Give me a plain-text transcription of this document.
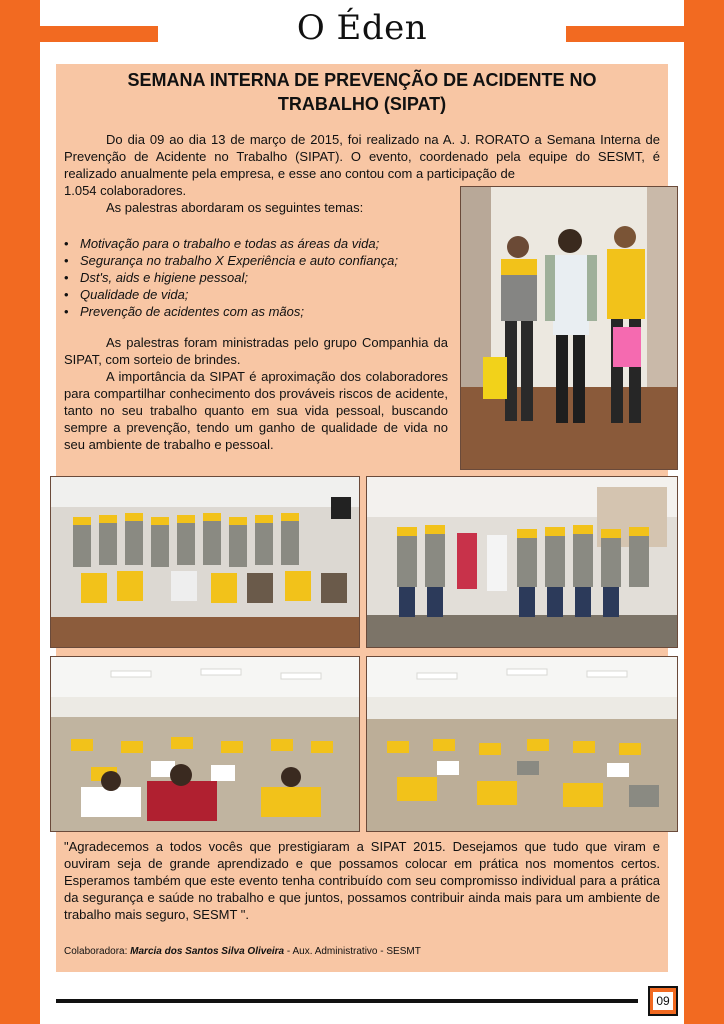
O Éden
SEMANA INTERNA DE PREVENÇÃO DE ACIDENTE NO
TRABALHO (SIPAT)

Do dia 09 ao dia 13 de março de 2015, foi realizado na A. J. RORATO a Semana Interna de Prevenção de Acidente no Trabalho (SIPAT). O evento, coordenado pela equipe do SESMT, é realizado anualmente pela empresa, e esse ano contou com a participação de

1.054 colaboradores.

As palestras abordaram os seguintes temas:

• Motivação para o trabalho e todas as áreas da vida;
• Segurança no trabalho X Experiência e auto confiança;
• Dst's, aids e higiene pessoal;
• Qualidade de vida;
• Prevenção de acidentes com as mãos;

As palestras foram ministradas pelo grupo Companhia da SIPAT, com sorteio de brindes.

A importância da SIPAT é aproximação dos colaboradores para compartilhar conhecimento dos prováveis riscos de acidente, tanto no seu trabalho quanto em sua vida pessoal, buscando sempre a prevenção, tendo um ganho de qualidade de vida no seu ambiente de trabalho e pessoal.

"Agradecemos a todos vocês que prestigiaram a SIPAT 2015. Desejamos que tudo que viram e ouviram seja de grande aprendizado e que possamos colocar em prática nos momentos certos. Esperamos também que este evento tenha contribuído com seu compromisso individual para a prática da segurança e saúde no trabalho e que juntos, possamos contribuir ainda mais para um ambiente de trabalho mais seguro, SESMT ".

Colaboradora: Marcia dos Santos Silva Oliveira - Aux. Administrativo - SESMT
09
